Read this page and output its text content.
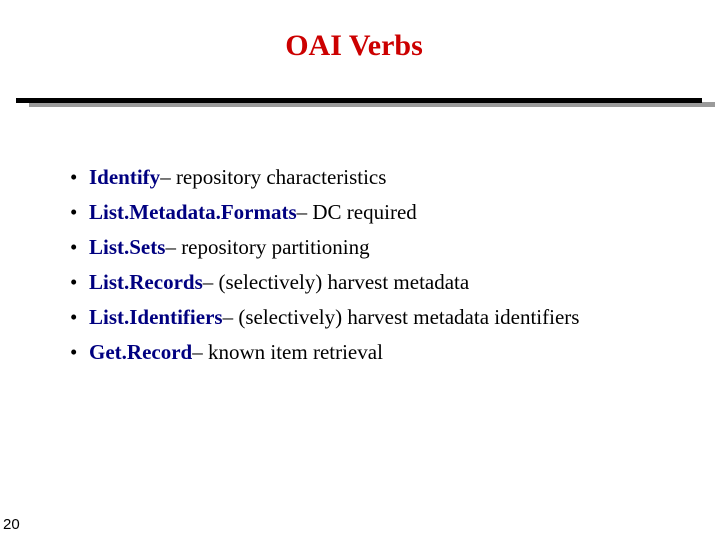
OAI Verbs
• Identify – repository characteristics
• List.Metadata.Formats – DC required
• List.Sets – repository partitioning
• List.Records – (selectively) harvest metadata
• List.Identifiers – (selectively) harvest metadata identifiers
• Get.Record – known item retrieval
20
